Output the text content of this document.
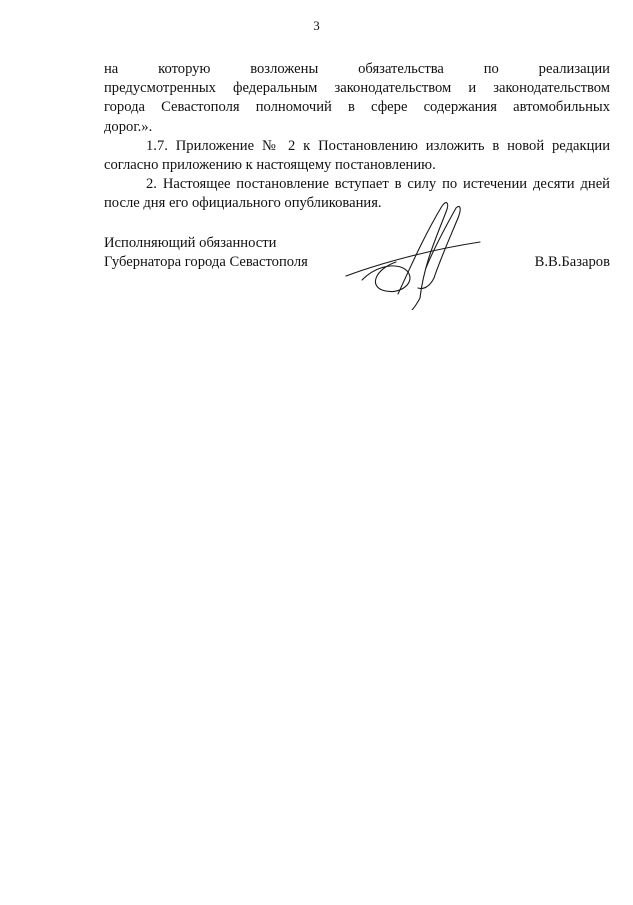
3

на которую возложены обязательства по реализации
предусмотренных федеральным законодательством и законодательством
города Севастополя полномочий в сфере содержания автомобильных
дорог.».

1.7. Приложение № 2 к Постановлению изложить в новой редакции
согласно приложению к настоящему постановлению.

2. Настоящее постановление вступает в силу по истечении десяти дней
после дня его официального опубликования.

Исполняющий обязанности
Губернатора города Севастополя	В.В.Базаров
